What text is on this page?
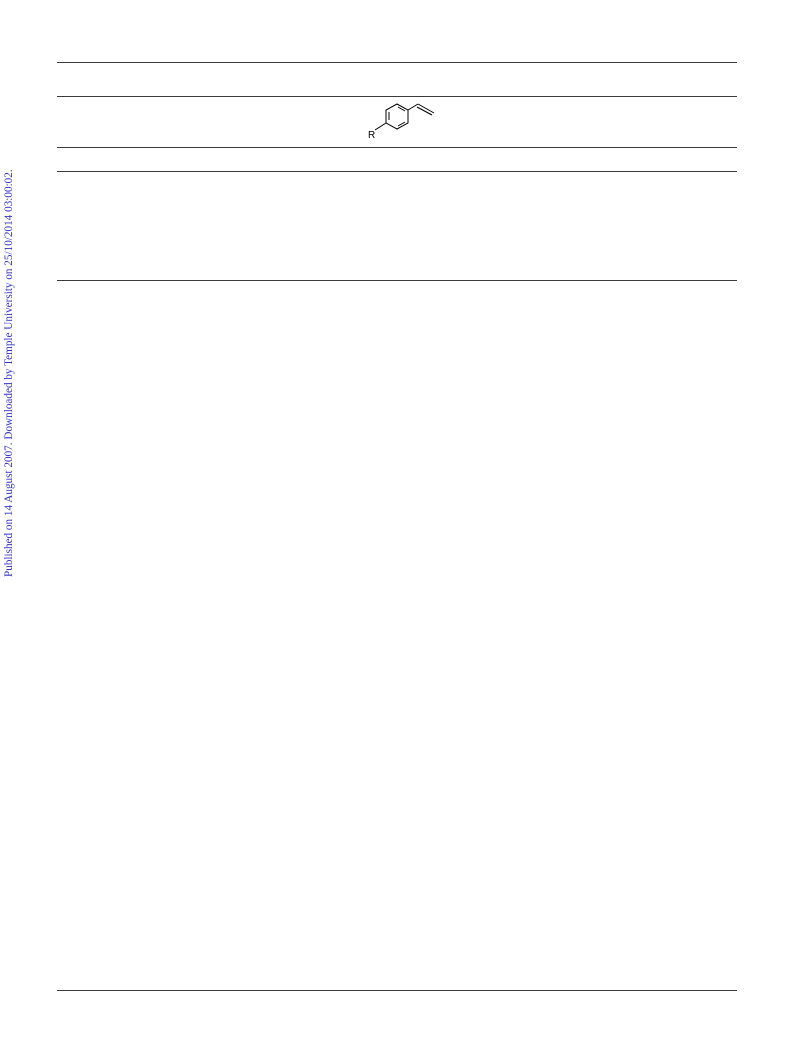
R
Published on 14 August 2007. Downloaded by Temple University on 25/10/2014 03:00:02.
